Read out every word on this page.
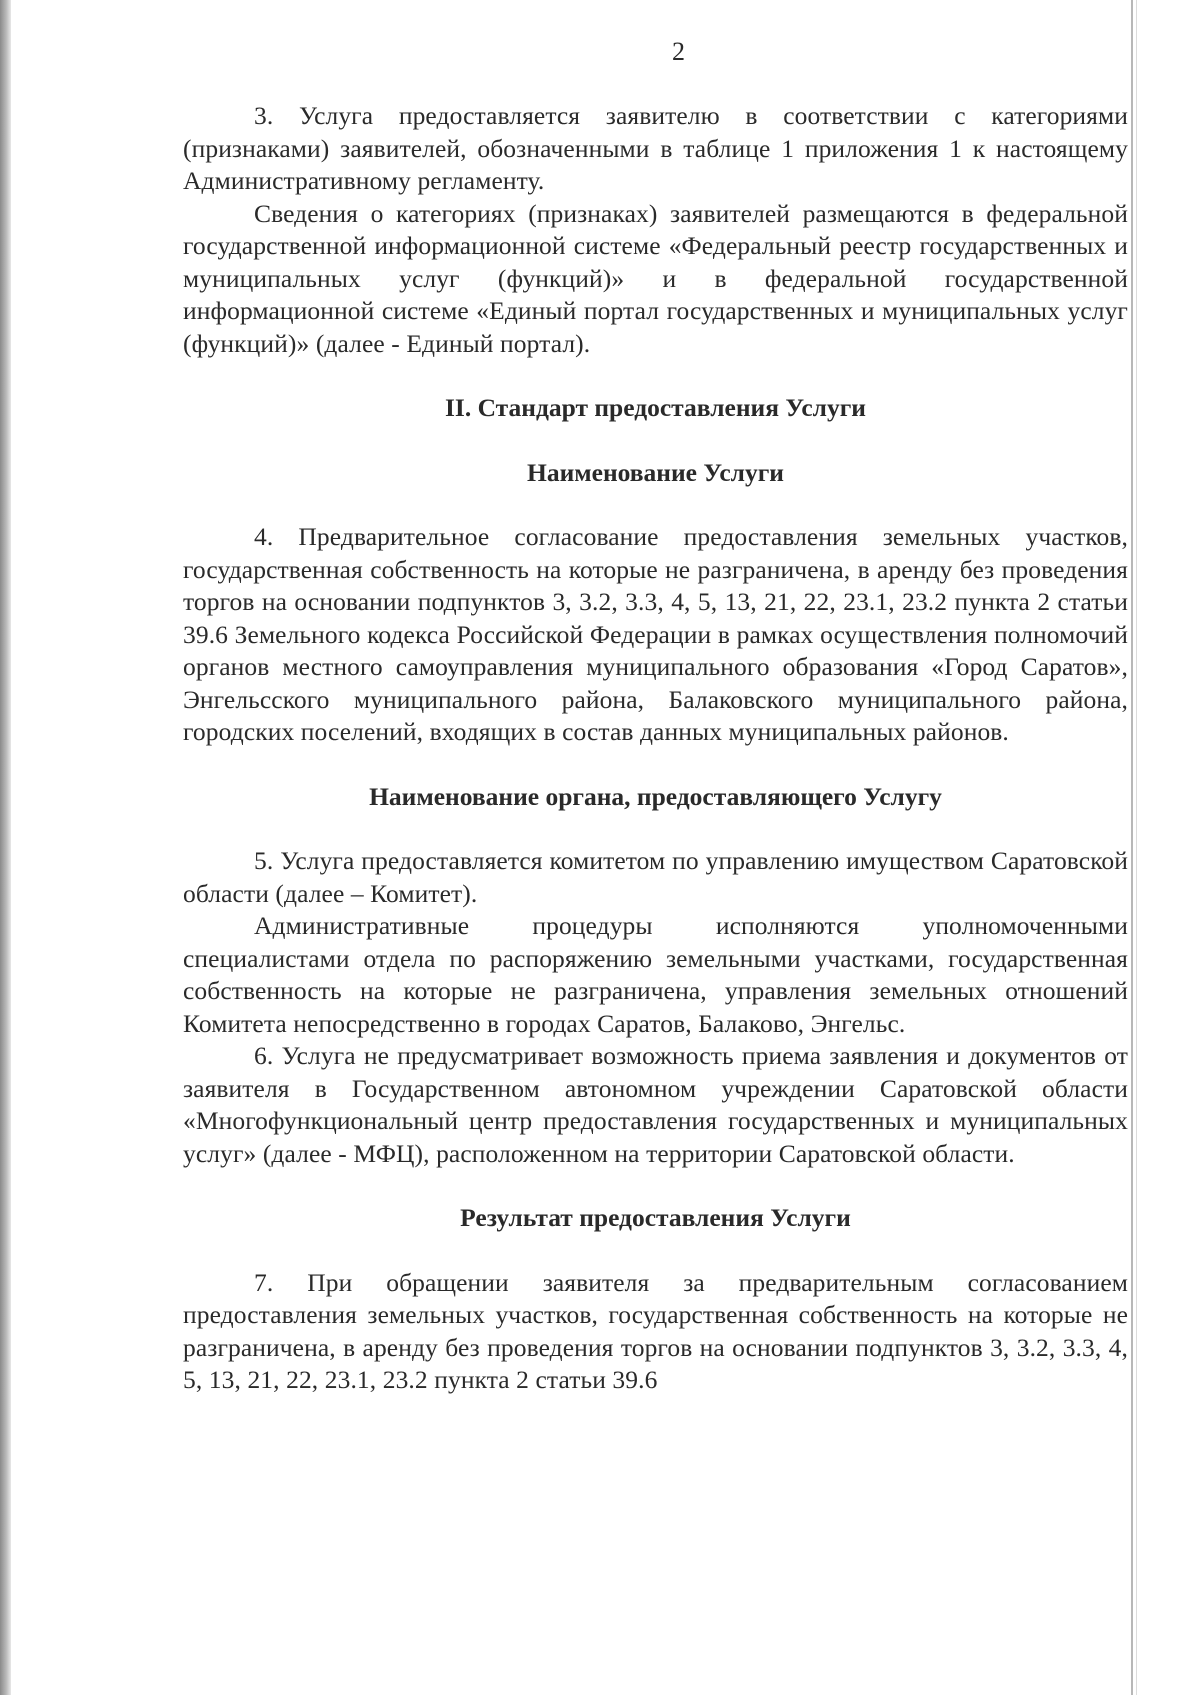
2

3. Услуга предоставляется заявителю в соответствии с категориями (признаками) заявителей, обозначенными в таблице 1 приложения 1 к настоящему Административному регламенту.

Сведения о категориях (признаках) заявителей размещаются в федеральной государственной информационной системе «Федеральный реестр государственных и муниципальных услуг (функций)» и в федеральной государственной информационной системе «Единый портал государственных и муниципальных услуг (функций)» (далее - Единый портал).

II. Стандарт предоставления Услуги

Наименование Услуги

4. Предварительное согласование предоставления земельных участков, государственная собственность на которые не разграничена, в аренду без проведения торгов на основании подпунктов 3, 3.2, 3.3, 4, 5, 13, 21, 22, 23.1, 23.2 пункта 2 статьи 39.6 Земельного кодекса Российской Федерации в рамках осуществления полномочий органов местного самоуправления муниципального образования «Город Саратов», Энгельсского муниципального района, Балаковского муниципального района, городских поселений, входящих в состав данных муниципальных районов.

Наименование органа, предоставляющего Услугу

5. Услуга предоставляется комитетом по управлению имуществом Саратовской области (далее – Комитет).

Административные процедуры исполняются уполномоченными специалистами отдела по распоряжению земельными участками, государственная собственность на которые не разграничена, управления земельных отношений Комитета непосредственно в городах Саратов, Балаково, Энгельс.

6. Услуга не предусматривает возможность приема заявления и документов от заявителя в Государственном автономном учреждении Саратовской области «Многофункциональный центр предоставления государственных и муниципальных услуг» (далее - МФЦ), расположенном на территории Саратовской области.

Результат предоставления Услуги

7. При обращении заявителя за предварительным согласованием предоставления земельных участков, государственная собственность на которые не разграничена, в аренду без проведения торгов на основании подпунктов 3, 3.2, 3.3, 4, 5, 13, 21, 22, 23.1, 23.2 пункта 2 статьи 39.6
